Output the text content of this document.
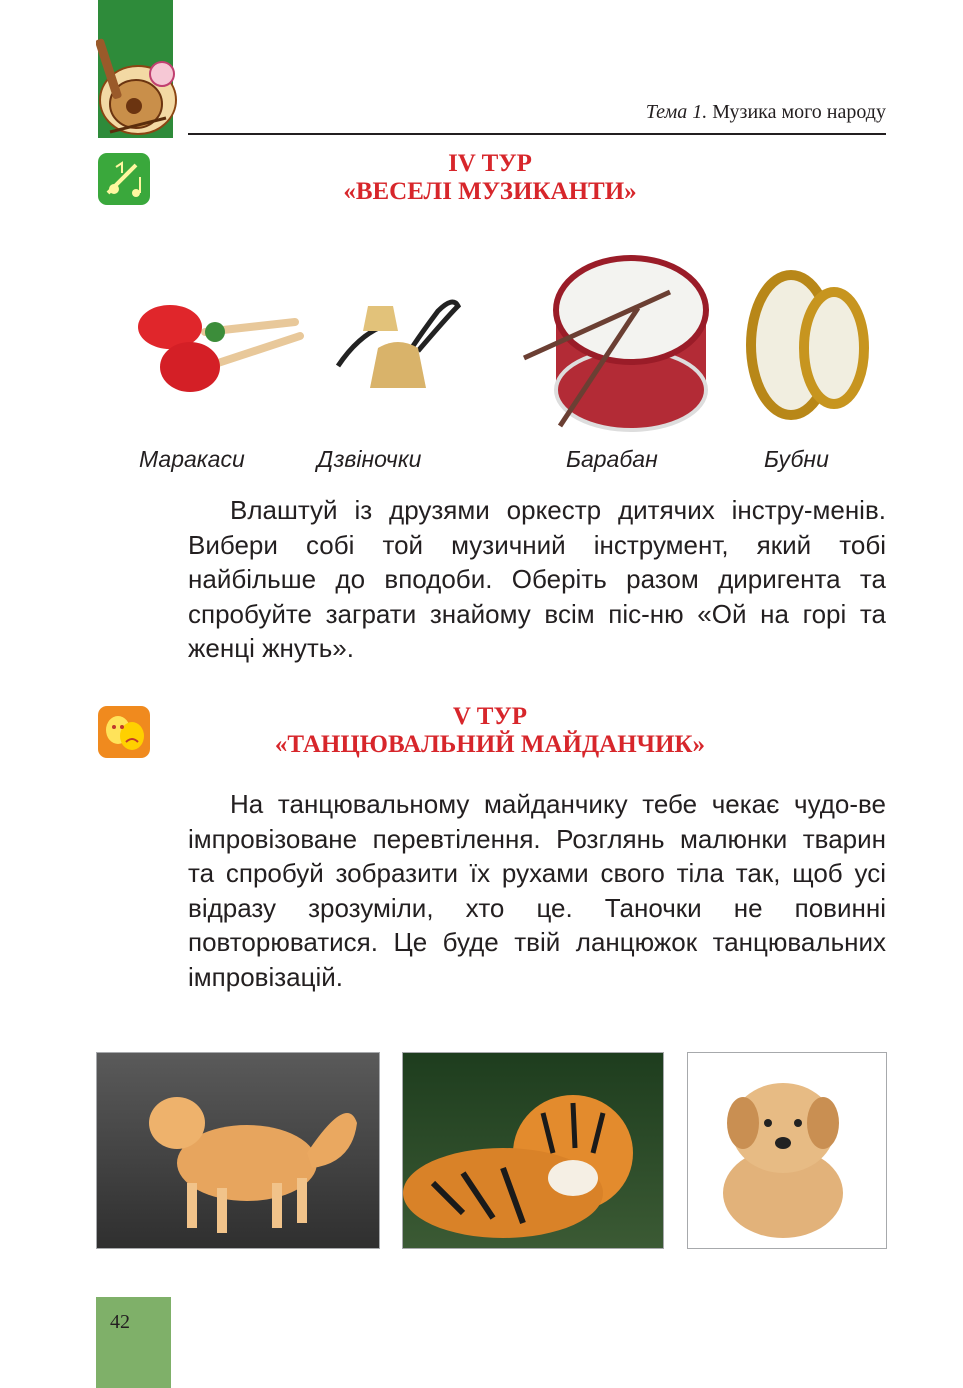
Тема 1. Музика мого народу
IV ТУР
«ВЕСЕЛІ МУЗИКАНТИ»
Маракаси	Дзвіночки	Барабан	Бубни
Влаштуй із друзями оркестр дитячих інстру-менів. Вибери собі той музичний інструмент, який тобі найбільше до вподоби. Оберіть разом диригента та спробуйте заграти знайому всім піс-ню «Ой на горі та женці жнуть».
V ТУР
«ТАНЦЮВАЛЬНИЙ МАЙДАНЧИК»
На танцювальному майданчику тебе чекає чудо-ве імпровізоване перевтілення. Розглянь малюнки тварин та спробуй зобразити їх рухами свого тіла так, щоб усі відразу зрозуміли, хто це. Таночки не повинні повторюватися. Це буде твій ланцюжок танцювальних імпровізацій.
42
